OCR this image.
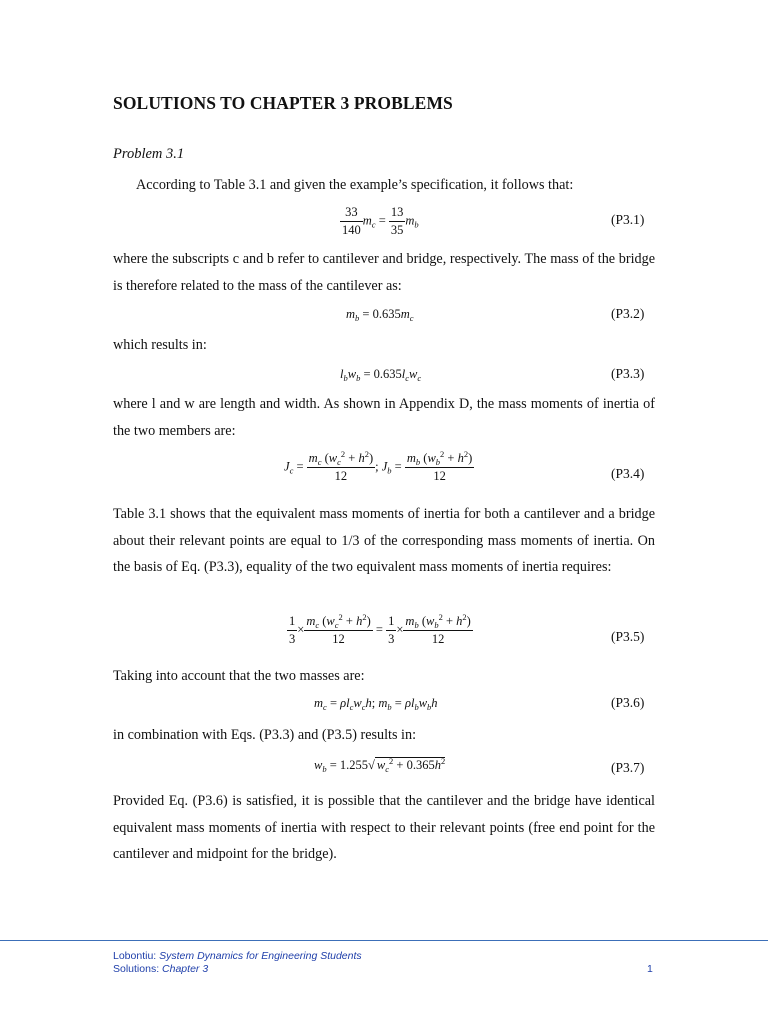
SOLUTIONS TO CHAPTER 3 PROBLEMS
Problem 3.1

According to Table 3.1 and given the example’s specification, it follows that:

$\frac{33}{140} m_c = \frac{13}{35} m_b$	(P3.1)

where the subscripts c and b refer to cantilever and bridge, respectively. The mass of the bridge is therefore related to the mass of the cantilever as:

$m_b = 0.635m_c$	(P3.2)

which results in:

$l_bw_b = 0.635l_cw_c$	(P3.3)

where l and w are length and width. As shown in Appendix D, the mass moments of inertia of the two members are:

$J_c = \frac{m_c (w_c^2 + h^2)}{12}$ ; $J_b = \frac{m_b (w_b^2 + h^2)}{12}$	(P3.4)

Table 3.1 shows that the equivalent mass moments of inertia for both a cantilever and a bridge about their relevant points are equal to 1/3 of the corresponding mass moments of inertia. On the basis of Eq. (P3.3), equality of the two equivalent mass moments of inertia requires:

$\frac{1}{3} \times \frac{m_c (w_c^2 + h^2)}{12} = \frac{1}{3} \times \frac{m_b (w_b^2 + h^2)}{12}$	(P3.5)

Taking into account that the two masses are:

$m_c = \rho l_cw_ch$; $m_b = \rho l_bw_bh$	(P3.6)

in combination with Eqs. (P3.3) and (P3.5) results in:

$w_b = 1.255√$ $w_c^2 + 0.365h^2$	(P3.7)

Provided Eq. (P3.6) is satisfied, it is possible that the cantilever and the bridge have identical equivalent mass moments of inertia with respect to their relevant points (free end point for the cantilever and midpoint for the bridge).

Lobontiu: System Dynamics for Engineering Students
Solutions: Chapter 3	1
